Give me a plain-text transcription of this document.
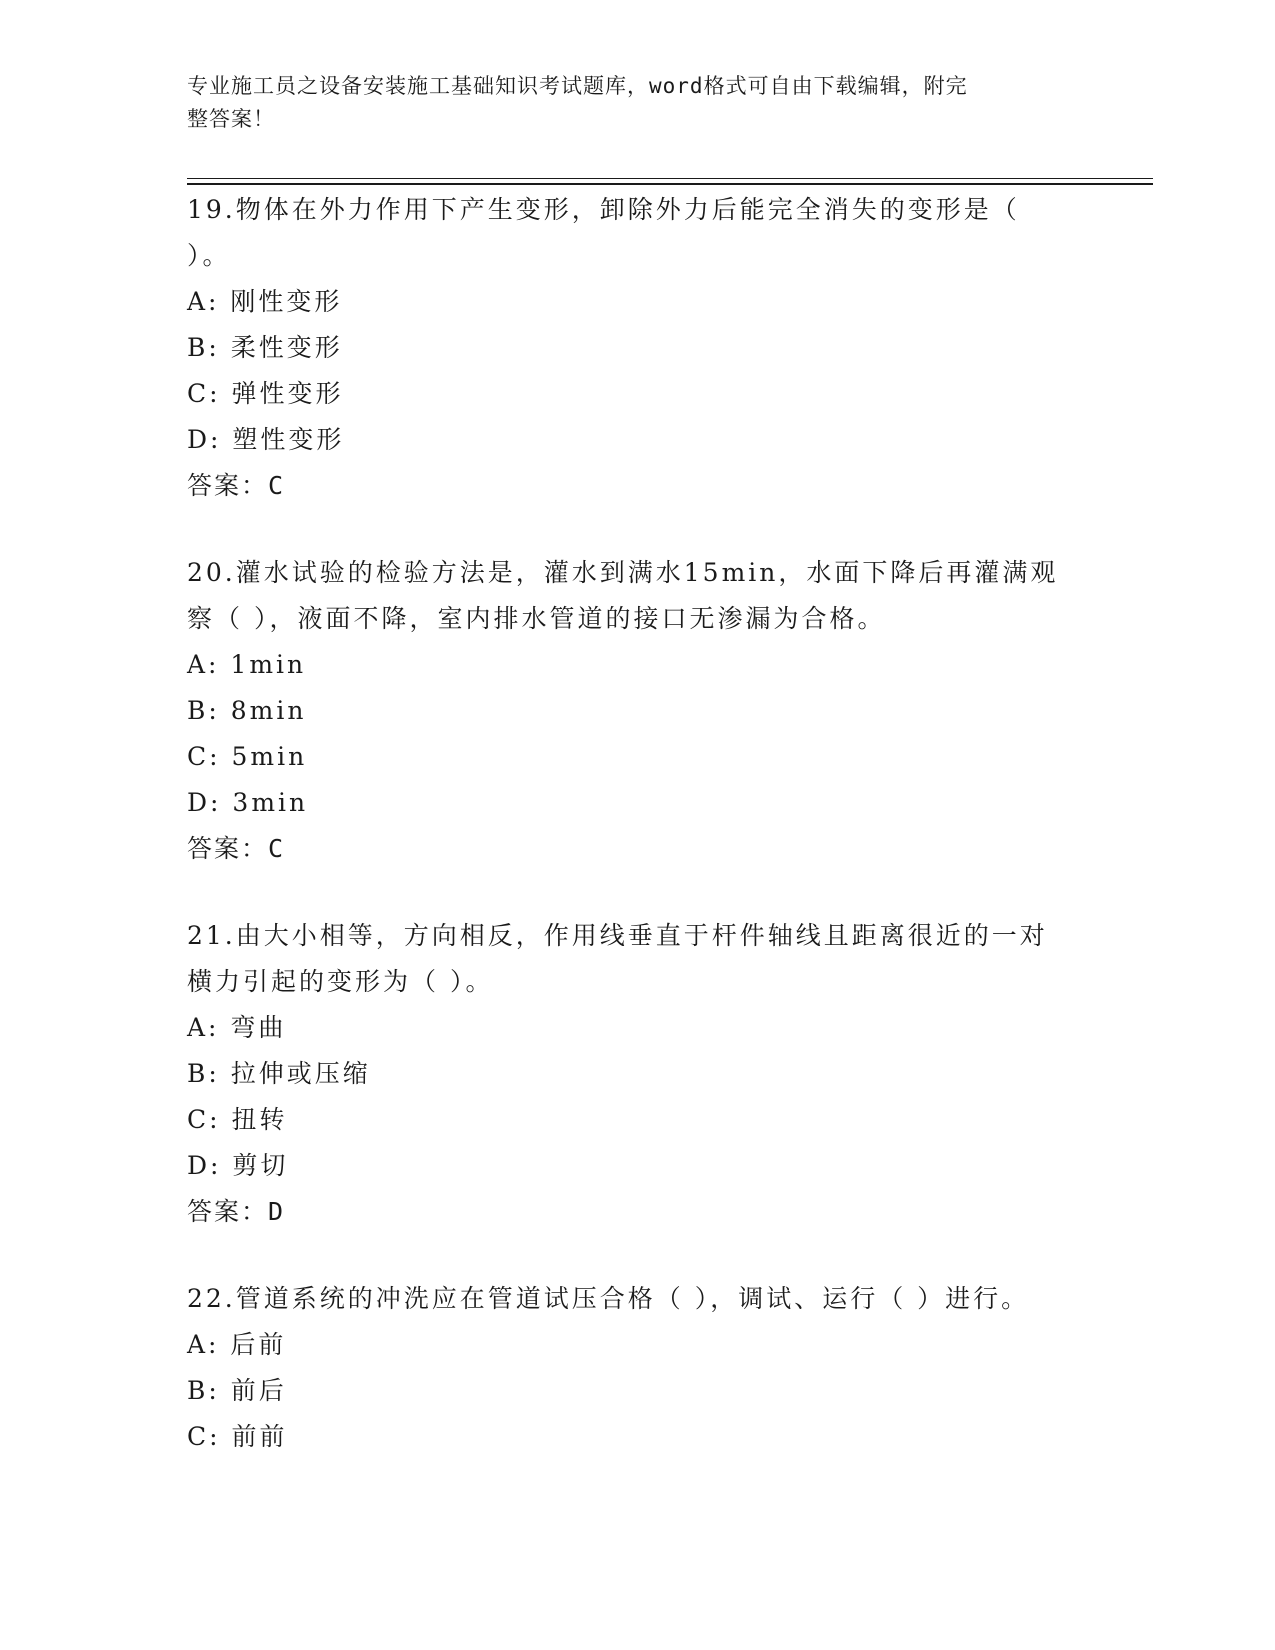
专业施工员之设备安装施工基础知识考试题库，word格式可自由下载编辑，附完
整答案！
19.物体在外力作用下产生变形，卸除外力后能完全消失的变形是（
）。
A: 刚性变形
B: 柔性变形
C: 弹性变形
D: 塑性变形
答案：C
20.灌水试验的检验方法是，灌水到满水15min，水面下降后再灌满观
察（ ），液面不降，室内排水管道的接口无渗漏为合格。
A: 1min
B: 8min
C: 5min
D: 3min
答案：C
21.由大小相等，方向相反，作用线垂直于杆件轴线且距离很近的一对
横力引起的变形为（ ）。
A: 弯曲
B: 拉伸或压缩
C: 扭转
D: 剪切
答案：D
22.管道系统的冲洗应在管道试压合格（ ），调试、运行（ ）进行。
A: 后前
B: 前后
C: 前前
